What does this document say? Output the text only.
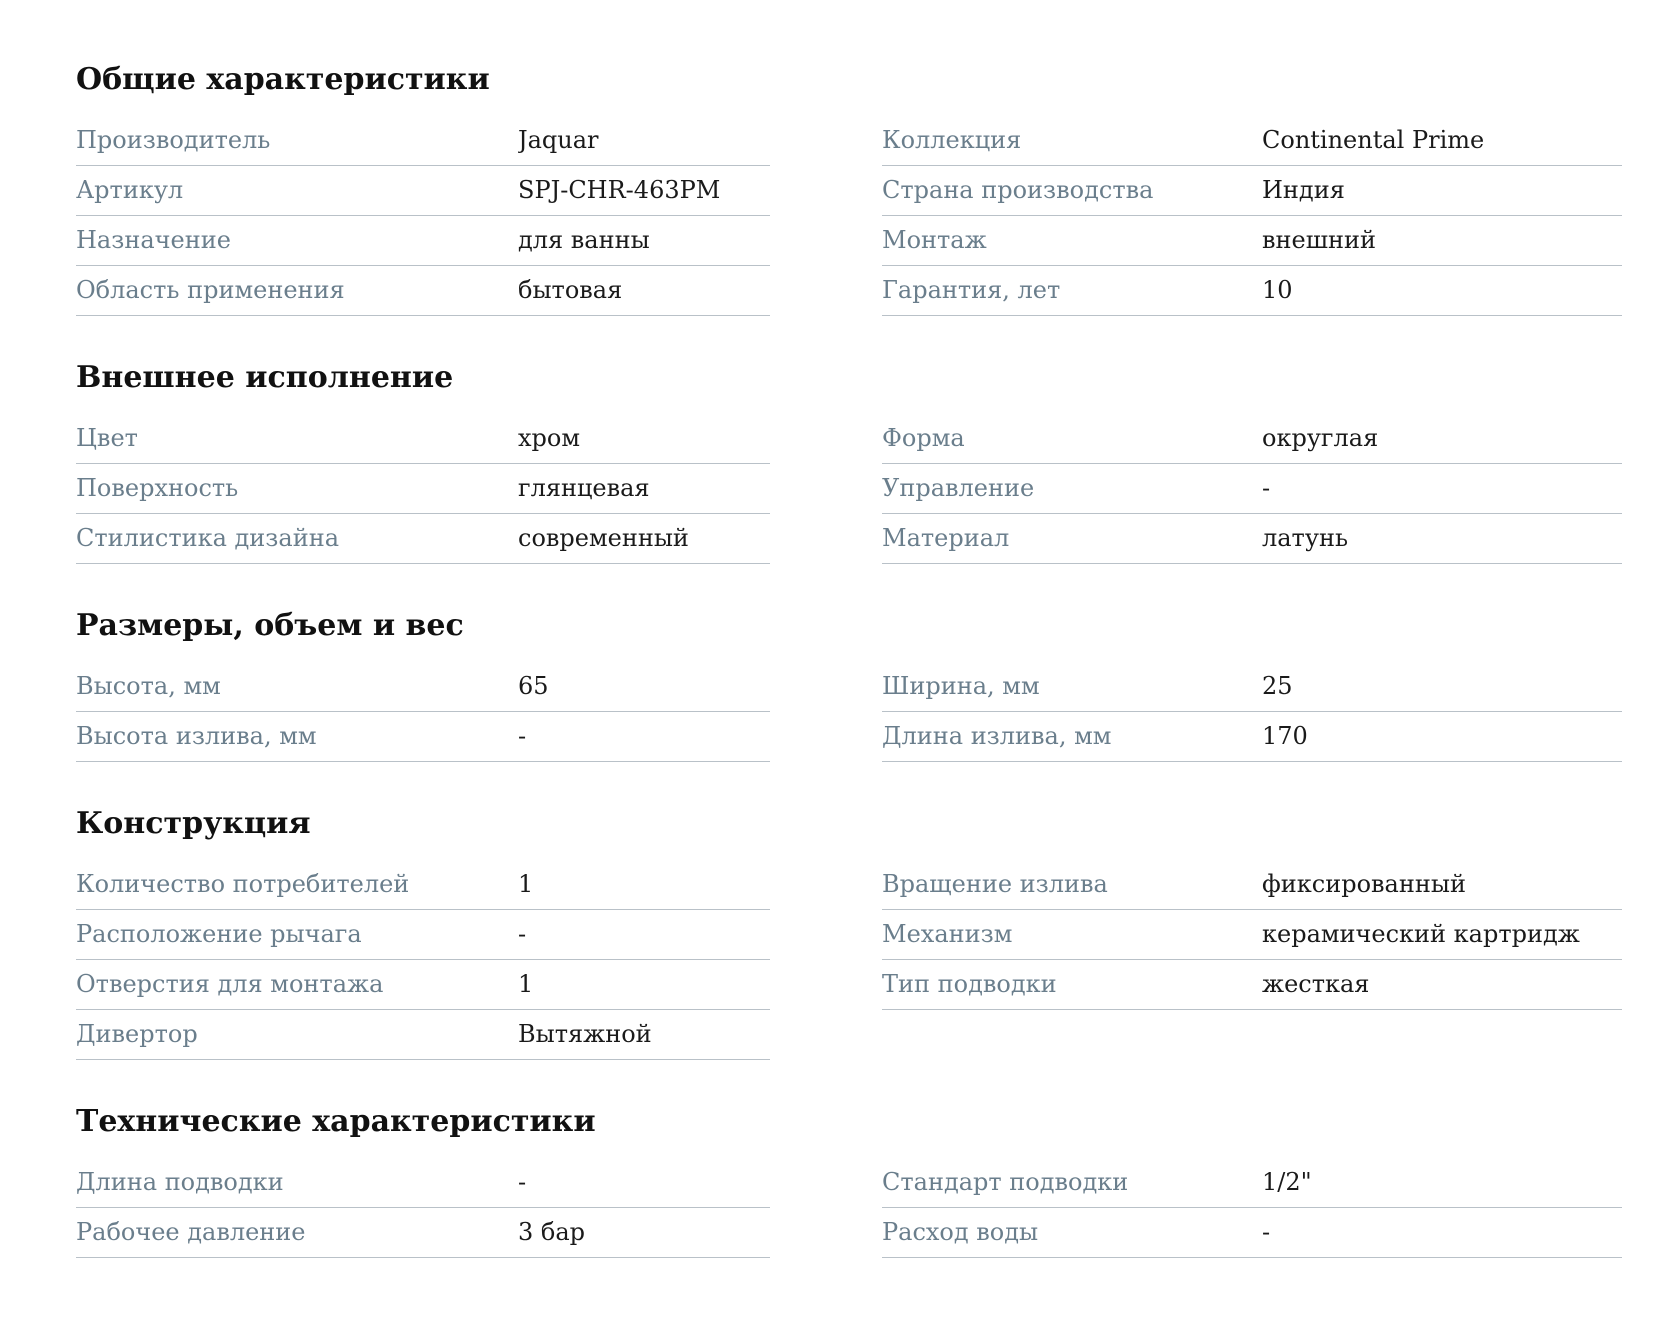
Общие характеристики
Производитель	Jaquar
Артикул	SPJ-CHR-463PM
Назначение	для ванны
Область применения	бытовая
Коллекция	Continental Prime
Страна производства	Индия
Монтаж	внешний
Гарантия, лет	10
Внешнее исполнение
Цвет	хром
Поверхность	глянцевая
Стилистика дизайна	современный
Форма	округлая
Управление	-
Материал	латунь
Размеры, объем и вес
Высота, мм	65
Высота излива, мм	-
Ширина, мм	25
Длина излива, мм	170
Конструкция
Количество потребителей	1
Расположение рычага	-
Отверстия для монтажа	1
Дивертор	Вытяжной
Вращение излива	фиксированный
Механизм	керамический картридж
Тип подводки	жесткая
Технические характеристики
Длина подводки	-
Рабочее давление	3 бар
Стандарт подводки	1/2"
Расход воды	-
